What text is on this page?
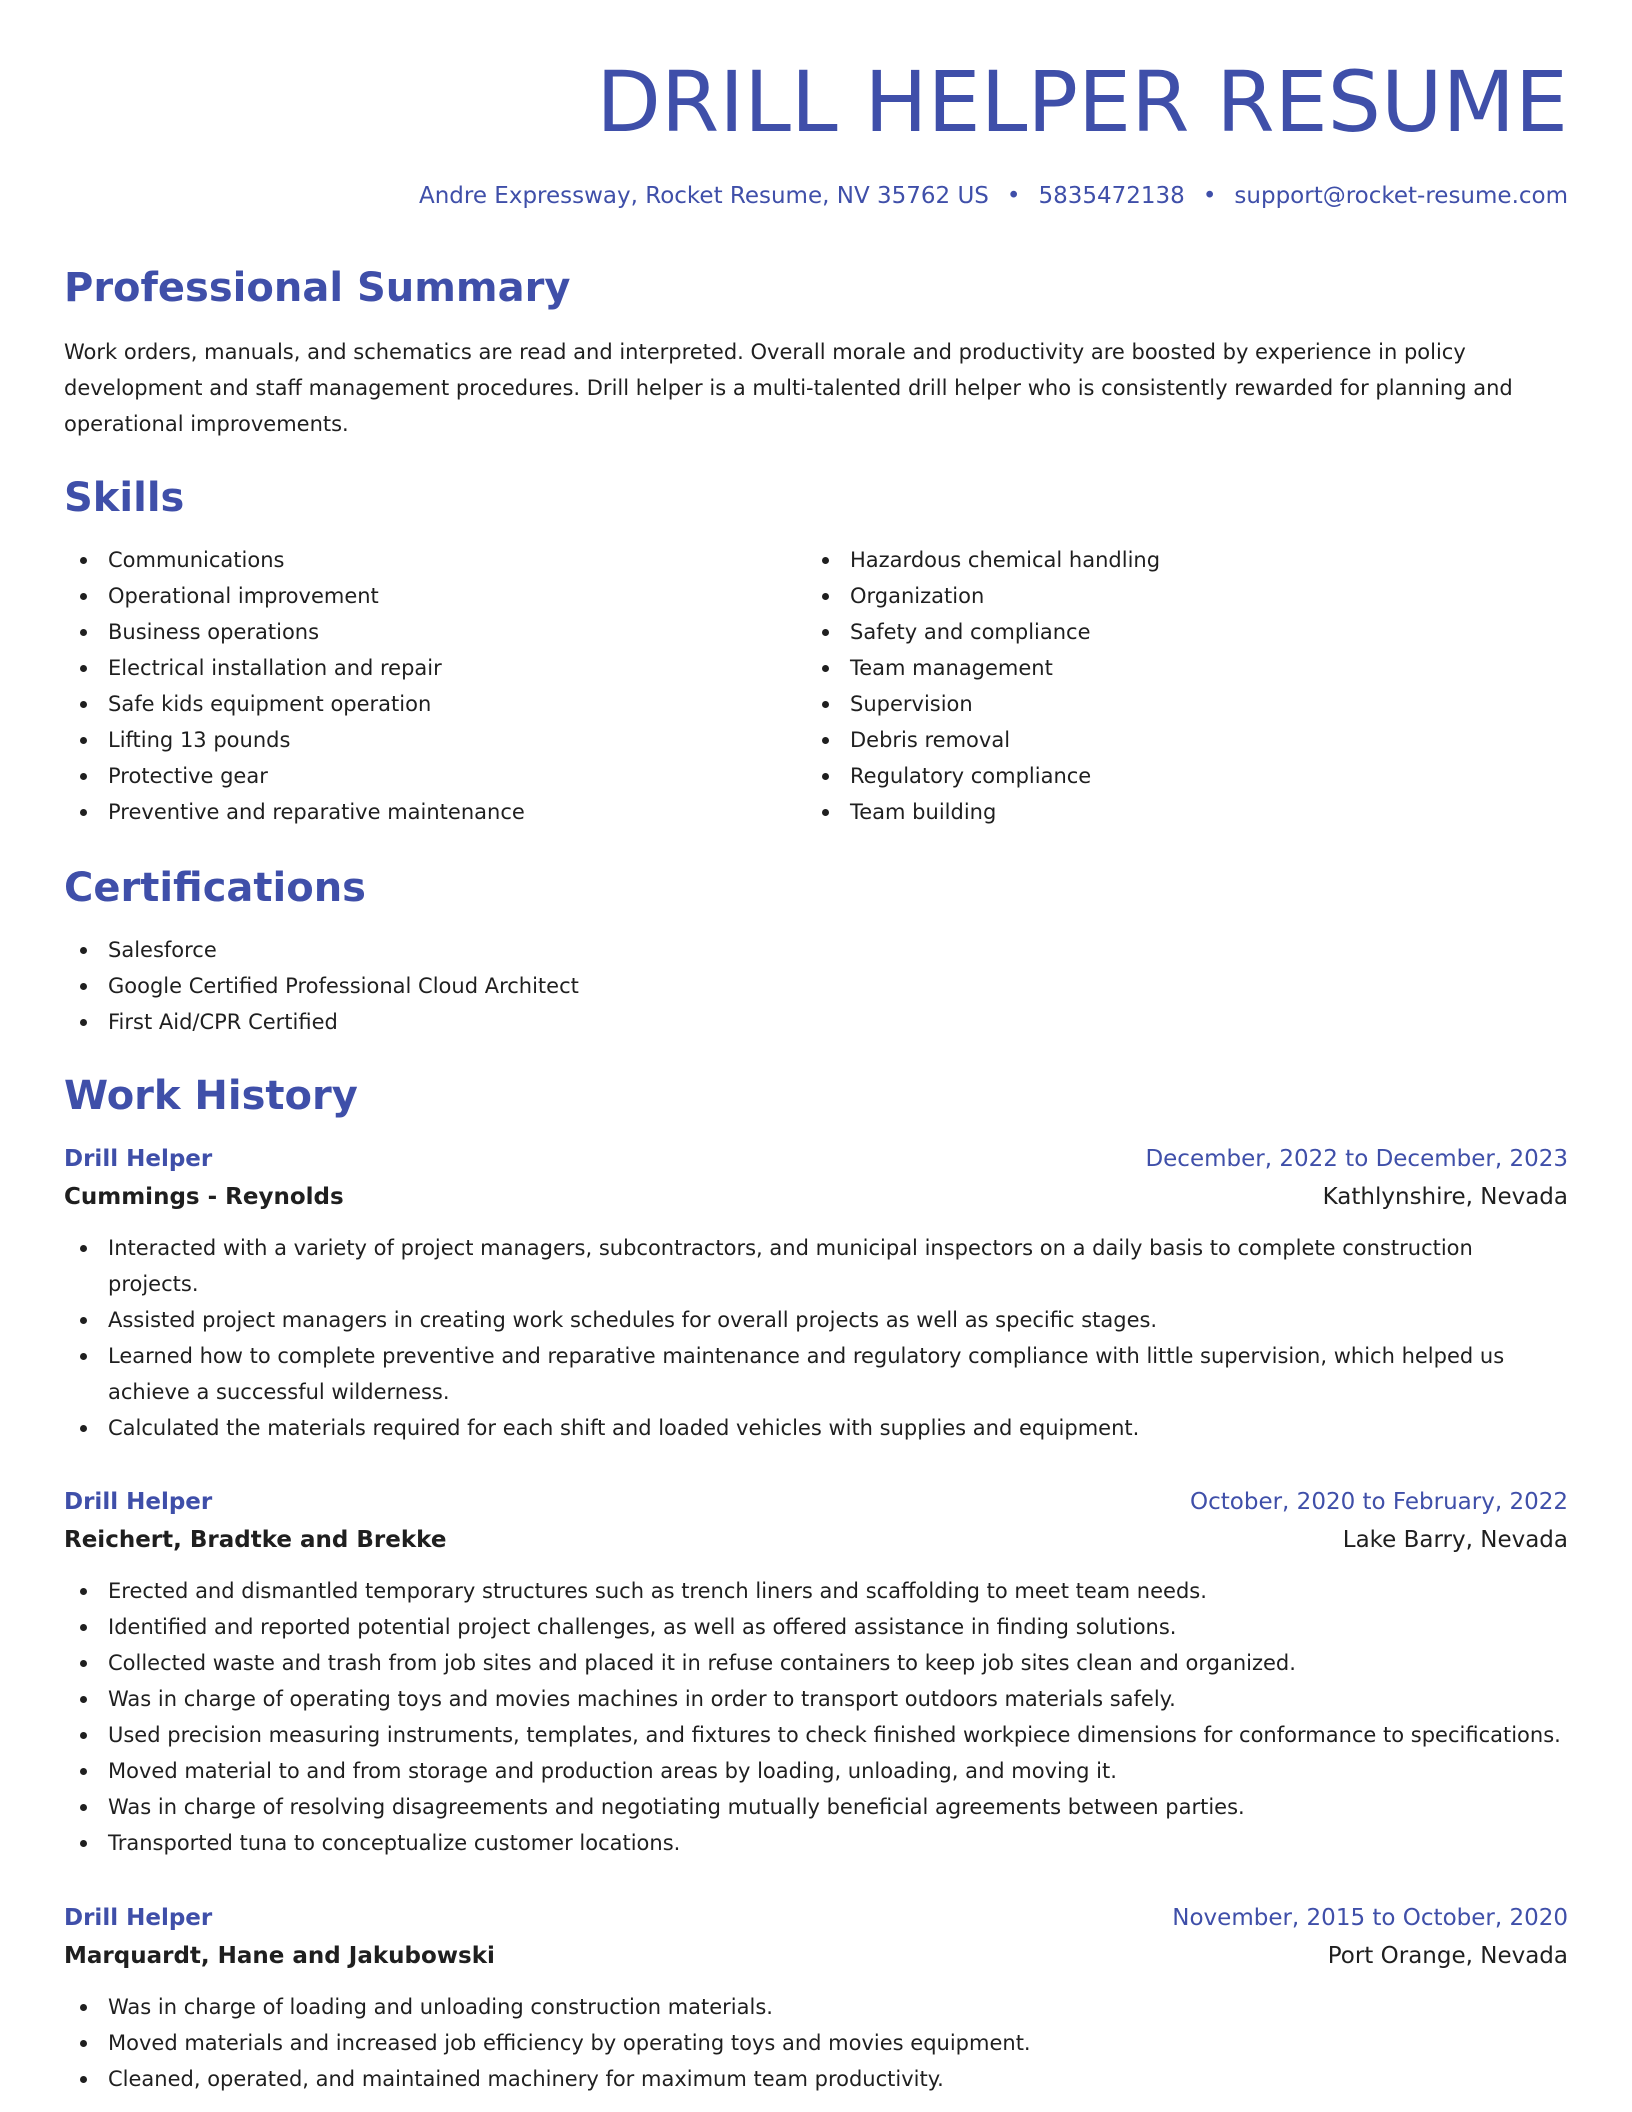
DRILL HELPER RESUME
Andre Expressway, Rocket Resume, NV 35762 US • 5835472138 • support@rocket-resume.com
Professional Summary

Work orders, manuals, and schematics are read and interpreted. Overall morale and productivity are boosted by experience in policy development and staff management procedures. Drill helper is a multi-talented drill helper who is consistently rewarded for planning and operational improvements.

Skills
Communications
Operational improvement
Business operations
Electrical installation and repair
Safe kids equipment operation
Lifting 13 pounds
Protective gear
Preventive and reparative maintenance
Hazardous chemical handling
Organization
Safety and compliance
Team management
Supervision
Debris removal
Regulatory compliance
Team building
Certifications
Salesforce
Google Certified Professional Cloud Architect
First Aid/CPR Certified
Work History
Drill Helper	December, 2022 to December, 2023
Cummings - Reynolds	Kathlynshire, Nevada
Interacted with a variety of project managers, subcontractors, and municipal inspectors on a daily basis to complete construction projects.
Assisted project managers in creating work schedules for overall projects as well as specific stages.
Learned how to complete preventive and reparative maintenance and regulatory compliance with little supervision, which helped us achieve a successful wilderness.
Calculated the materials required for each shift and loaded vehicles with supplies and equipment.
Drill Helper	October, 2020 to February, 2022
Reichert, Bradtke and Brekke	Lake Barry, Nevada
Erected and dismantled temporary structures such as trench liners and scaffolding to meet team needs.
Identified and reported potential project challenges, as well as offered assistance in finding solutions.
Collected waste and trash from job sites and placed it in refuse containers to keep job sites clean and organized.
Was in charge of operating toys and movies machines in order to transport outdoors materials safely.
Used precision measuring instruments, templates, and fixtures to check finished workpiece dimensions for conformance to specifications.
Moved material to and from storage and production areas by loading, unloading, and moving it.
Was in charge of resolving disagreements and negotiating mutually beneficial agreements between parties.
Transported tuna to conceptualize customer locations.
Drill Helper	November, 2015 to October, 2020
Marquardt, Hane and Jakubowski	Port Orange, Nevada
Was in charge of loading and unloading construction materials.
Moved materials and increased job efficiency by operating toys and movies equipment.
Cleaned, operated, and maintained machinery for maximum team productivity.
